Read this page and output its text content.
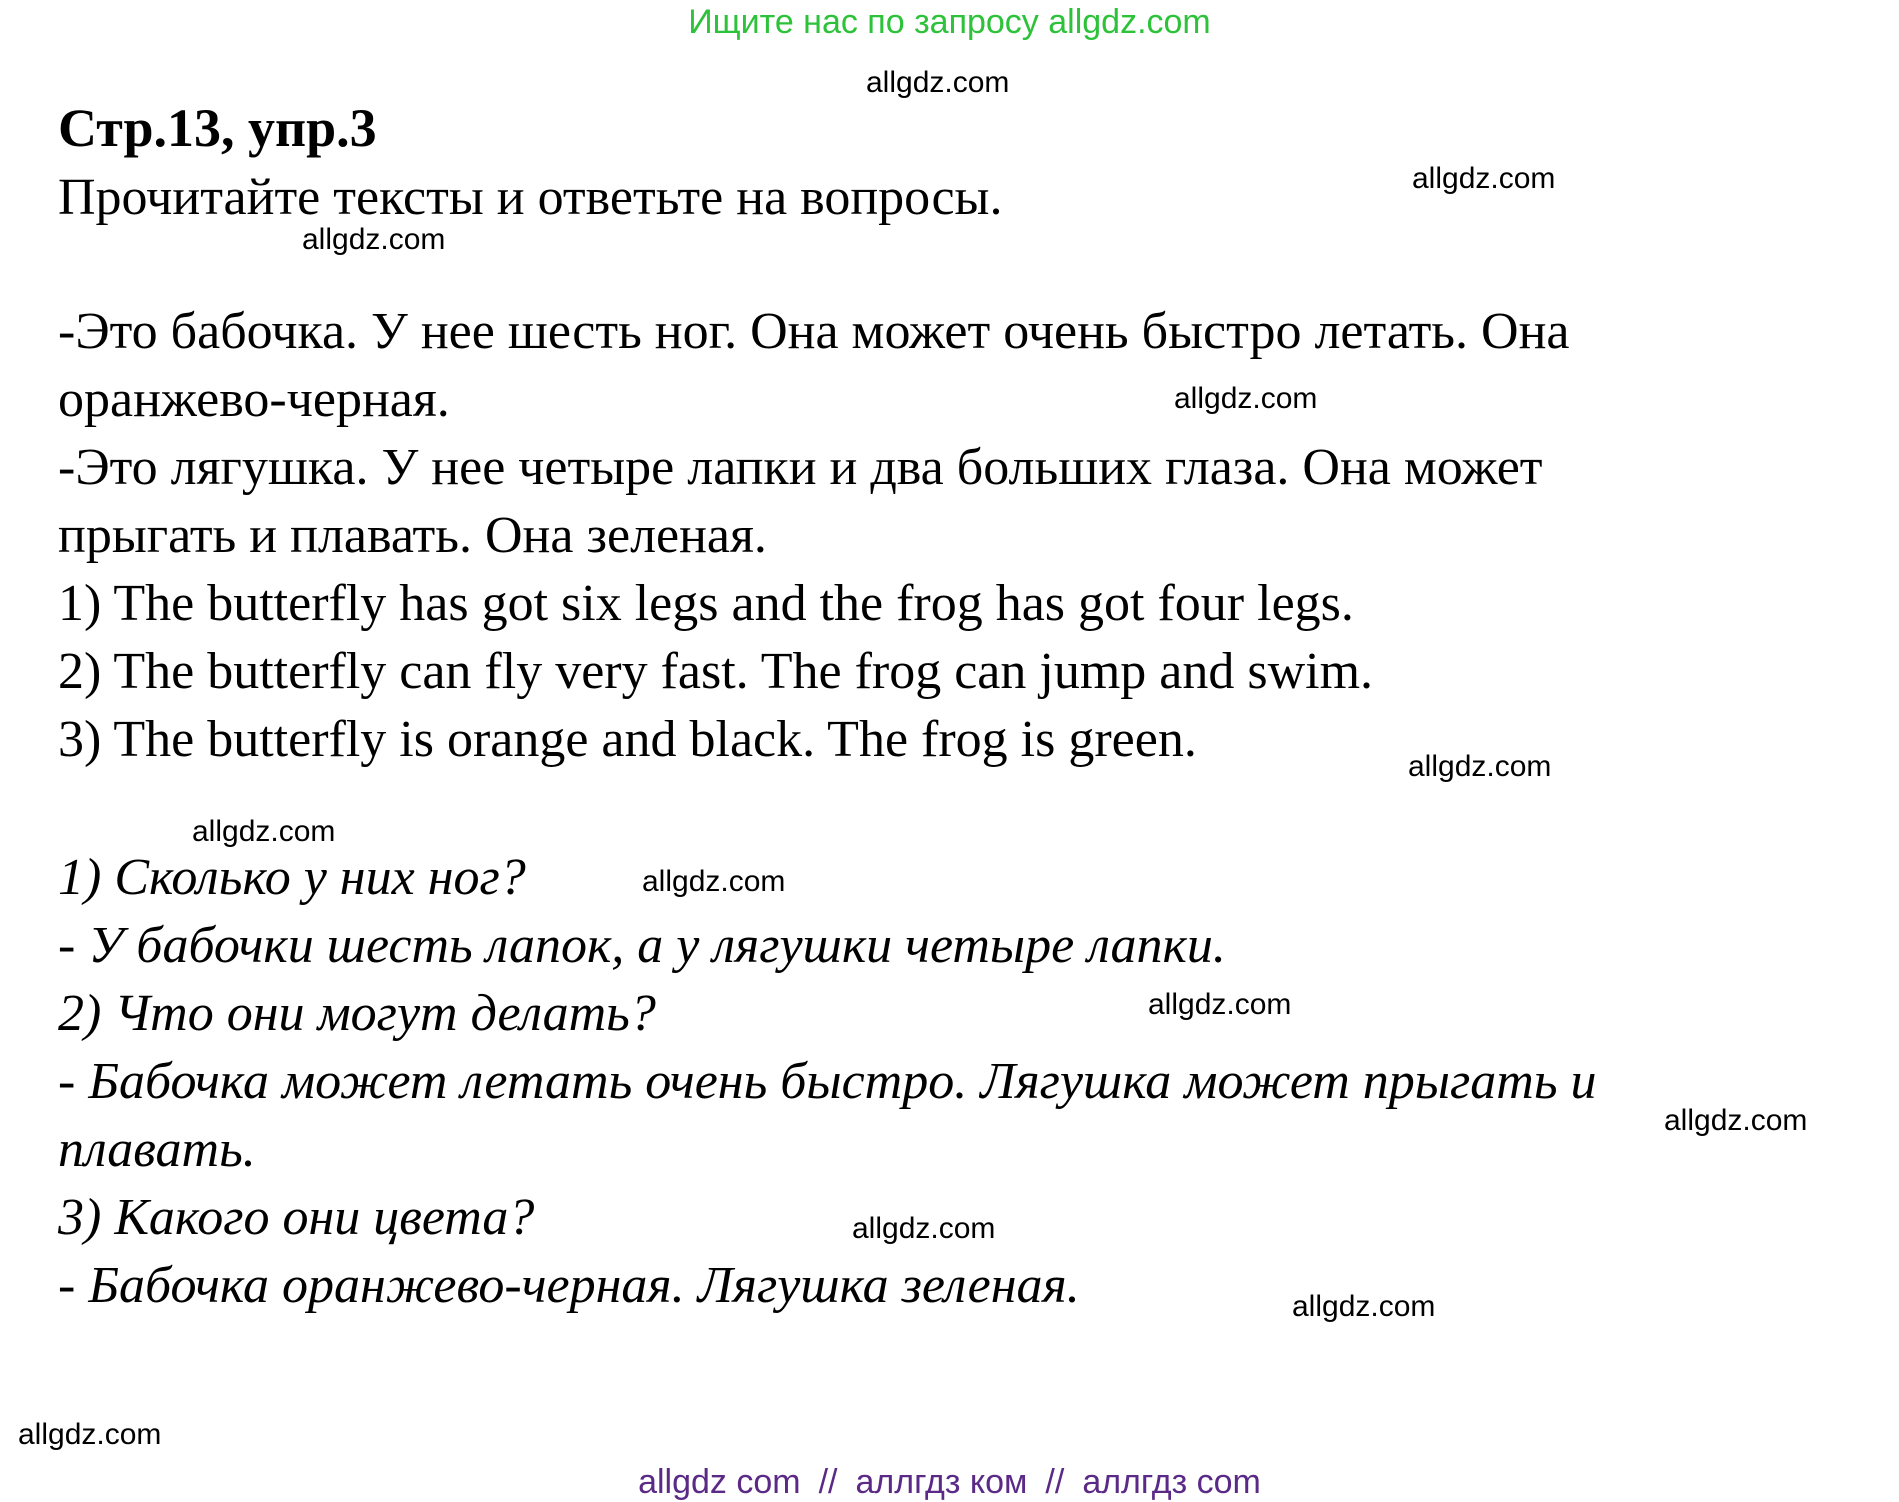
Ищите нас по запросу allgdz.com
Стр.13, упр.3
Прочитайте тексты и ответьте на вопросы.
-Это бабочка. У нее шесть ног. Она может очень быстро летать. Она
оранжево-черная.
-Это лягушка. У нее четыре лапки и два больших глаза. Она может
прыгать и плавать. Она зеленая.
1) The butterfly has got six legs and the frog has got four legs.
2) The butterfly can fly very fast. The frog can jump and swim.
3) The butterfly is orange and black. The frog is green.
1) Сколько у них ног?
- У бабочки шесть лапок, а у лягушки четыре лапки.
2) Что они могут делать?
- Бабочка может летать очень быстро. Лягушка может прыгать и
плавать.
3) Какого они цвета?
- Бабочка оранжево-черная. Лягушка зеленая.
allgdz.com
allgdz.com
allgdz.com
allgdz.com
allgdz.com
allgdz.com
allgdz.com
allgdz.com
allgdz.com
allgdz.com
allgdz.com
allgdz.com
allgdz com // аллгдз ком // аллгдз com
